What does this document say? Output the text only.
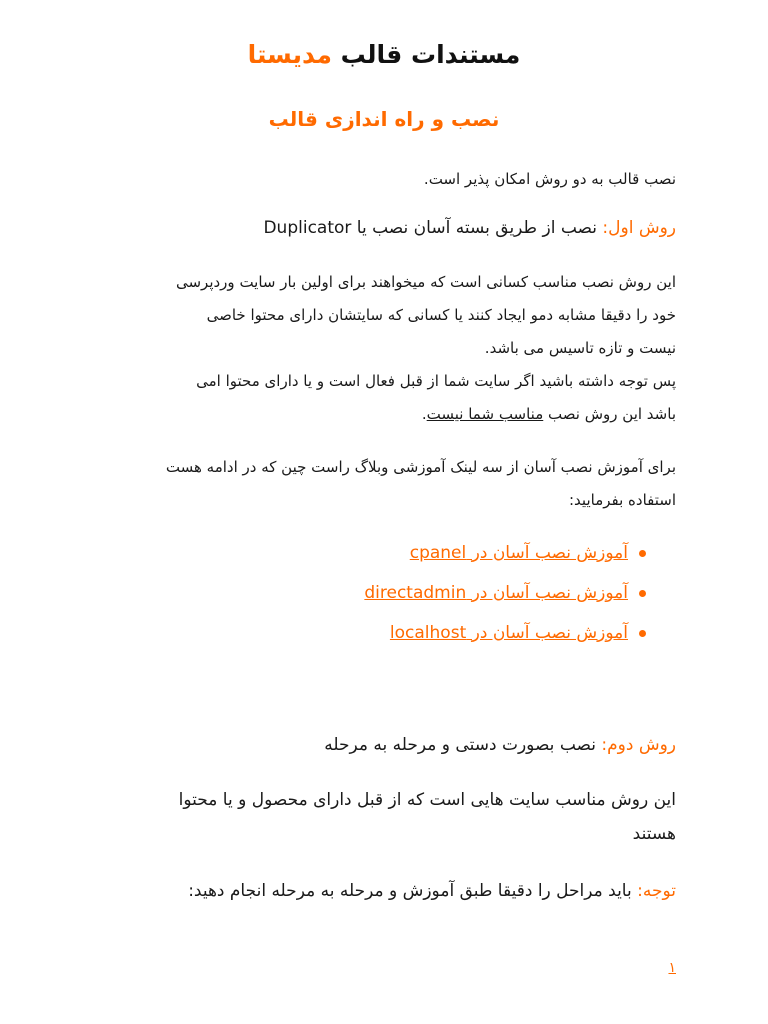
مستندات قالب مدیستا
نصب و راه اندازی قالب

نصب قالب به دو روش امکان پذیر است.

روش اول: نصب از طریق بسته آسان نصب یا Duplicator

این روش نصب مناسب کسانی است که میخواهند برای اولین بار سایت وردپرسی
خود را دقیقا مشابه دمو ایجاد کنند یا کسانی که سایتشان دارای محتوا خاصی
نیست و تازه تاسیس می باشد.
پس توجه داشته باشید اگر سایت شما از قبل فعال است و یا دارای محتوا امی
باشد این روش نصب مناسب شما نیست.
برای آموزش نصب آسان از سه لینک آموزشی وبلاگ راست چین که در ادامه هست
استفاده بفرمایید:
آموزش نصب آسان در cpanel
آموزش نصب آسان در directadmin
آموزش نصب آسان در localhost

روش دوم: نصب بصورت دستی و مرحله به مرحله

این روش مناسب سایت هایی است که از قبل دارای محصول و یا محتوا
هستند

توجه: باید مراحل را دقیقا طبق آموزش و مرحله به مرحله انجام دهید:

۱
